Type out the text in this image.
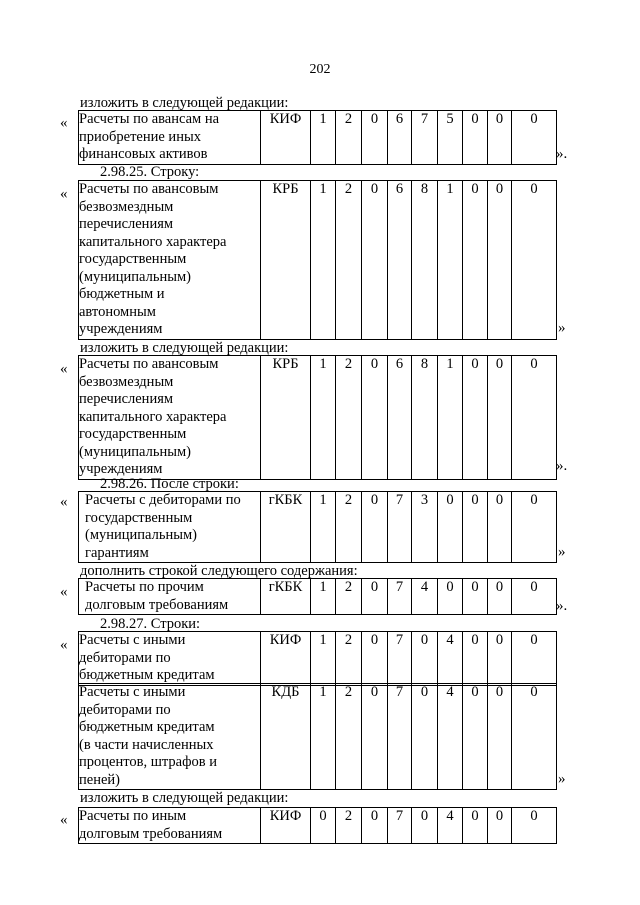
202
изложить в следующей редакции:
2.98.25. Строку:
изложить в следующей редакции:
2.98.26. После строки:
дополнить строкой следующего содержания:
2.98.27. Строки:
изложить в следующей редакции:
«
».
«
»
«
».
«
»
«
».
«
»
«
Расчеты по авансам на
приобретение иных
финансовых активов
	КИФ	1	2	0	6	7	5	0	0	0
Расчеты по авансовым
безвозмездным
перечислениям
капитального характера
государственным
(муниципальным)
бюджетным и
автономным
учреждениям
	КРБ	1	2	0	6	8	1	0	0	0
Расчеты по авансовым
безвозмездным
перечислениям
капитального характера
государственным
(муниципальным)
учреждениям
	КРБ	1	2	0	6	8	1	0	0	0
Расчеты с дебиторами по
государственным
(муниципальным)
гарантиям
	гКБК	1	2	0	7	3	0	0	0	0
Расчеты по прочим
долговым требованиям
	гКБК	1	2	0	7	4	0	0	0	0
Расчеты с иными
дебиторами по
бюджетным кредитам
	КИФ	1	2	0	7	0	4	0	0	0
Расчеты с иными
дебиторами по
бюджетным кредитам
(в части начисленных
процентов, штрафов и
пеней)
	КДБ	1	2	0	7	0	4	0	0	0
Расчеты по иным
долговым требованиям
	КИФ	0	2	0	7	0	4	0	0	0
